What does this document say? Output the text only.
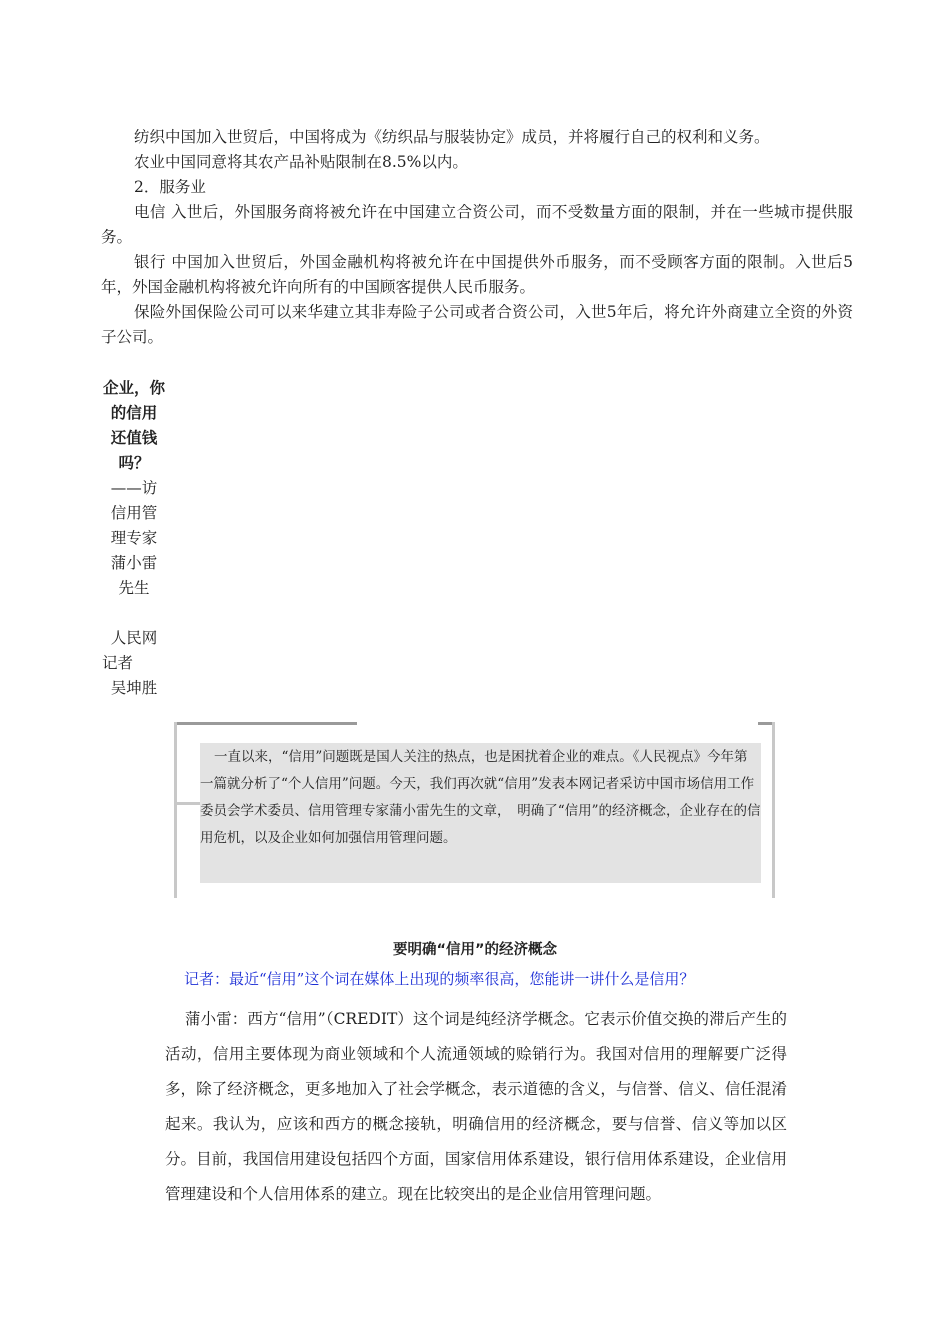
纺织中国加入世贸后，中国将成为《纺织品与服装协定》成员，并将履行自己的权利和义务。

农业中国同意将其农产品补贴限制在8.5%以内。

2．服务业

电信 入世后，外国服务商将被允许在中国建立合资公司，而不受数量方面的限制，并在一些城市提供服务。

银行 中国加入世贸后，外国金融机构将被允许在中国提供外币服务，而不受顾客方面的限制。入世后5年，外国金融机构将被允许向所有的中国顾客提供人民币服务。

保险外国保险公司可以来华建立其非寿险子公司或者合资公司，入世5年后，将允许外商建立全资的外资子公司。

企业，你
的信用
还值钱
吗？
——访
信用管
理专家
蒲小雷
先生
人民网
记者
吴坤胜

一直以来，“信用”问题既是国人关注的热点，也是困扰着企业的难点。《人民视点》今年第一篇就分析了“个人信用”问题。今天，我们再次就“信用”发表本网记者采访中国市场信用工作委员会学术委员、信用管理专家蒲小雷先生的文章，　明确了“信用”的经济概念，企业存在的信用危机，以及企业如何加强信用管理问题。

要明确“信用”的经济概念
记者：最近“信用”这个词在媒体上出现的频率很高，您能讲一讲什么是信用？

蒲小雷：西方“信用”（CREDIT）这个词是纯经济学概念。它表示价值交换的滞后产生的活动，信用主要体现为商业领域和个人流通领域的赊销行为。我国对信用的理解要广泛得多，除了经济概念，更多地加入了社会学概念，表示道德的含义，与信誉、信义、信任混淆起来。我认为，应该和西方的概念接轨，明确信用的经济概念，要与信誉、信义等加以区分。目前，我国信用建设包括四个方面，国家信用体系建设，银行信用体系建设，企业信用管理建设和个人信用体系的建立。现在比较突出的是企业信用管理问题。
